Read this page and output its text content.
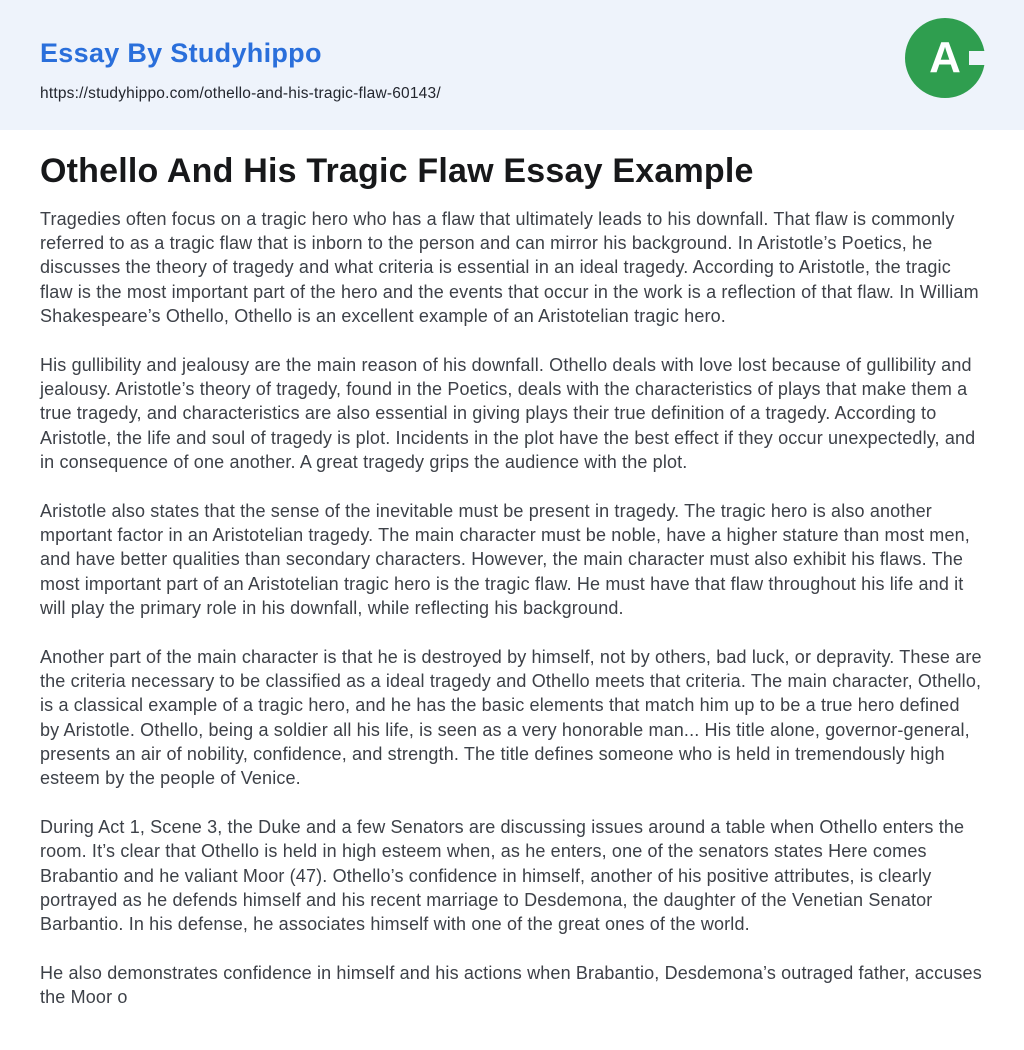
Essay By Studyhippo
https://studyhippo.com/othello-and-his-tragic-flaw-60143/
A
Othello And His Tragic Flaw Essay Example

Tragedies often focus on a tragic hero who has a flaw that ultimately leads to his downfall. That flaw is commonly referred to as a tragic flaw that is inborn to the person and can mirror his background. In Aristotle’s Poetics, he discusses the theory of tragedy and what criteria is essential in an ideal tragedy. According to Aristotle, the tragic flaw is the most important part of the hero and the events that occur in the work is a reflection of that flaw. In William Shakespeare’s Othello, Othello is an excellent example of an Aristotelian tragic hero.

His gullibility and jealousy are the main reason of his downfall. Othello deals with love lost because of gullibility and jealousy. Aristotle’s theory of tragedy, found in the Poetics, deals with the characteristics of plays that make them a true tragedy, and characteristics are also essential in giving plays their true definition of a tragedy. According to Aristotle, the life and soul of tragedy is plot. Incidents in the plot have the best effect if they occur unexpectedly, and in consequence of one another. A great tragedy grips the audience with the plot.

Aristotle also states that the sense of the inevitable must be present in tragedy. The tragic hero is also another mportant factor in an Aristotelian tragedy. The main character must be noble, have a higher stature than most men, and have better qualities than secondary characters. However, the main character must also exhibit his flaws. The most important part of an Aristotelian tragic hero is the tragic flaw. He must have that flaw throughout his life and it will play the primary role in his downfall, while reflecting his background.

Another part of the main character is that he is destroyed by himself, not by others, bad luck, or depravity. These are the criteria necessary to be classified as a ideal tragedy and Othello meets that criteria. The main character, Othello, is a classical example of a tragic hero, and he has the basic elements that match him up to be a true hero defined by Aristotle. Othello, being a soldier all his life, is seen as a very honorable man... His title alone, governor-general, presents an air of nobility, confidence, and strength. The title defines someone who is held in tremendously high esteem by the people of Venice.

During Act 1, Scene 3, the Duke and a few Senators are discussing issues around a table when Othello enters the room. It’s clear that Othello is held in high esteem when, as he enters, one of the senators states Here comes Brabantio and he valiant Moor (47). Othello’s confidence in himself, another of his positive attributes, is clearly portrayed as he defends himself and his recent marriage to Desdemona, the daughter of the Venetian Senator Barbantio. In his defense, he associates himself with one of the great ones of the world.

He also demonstrates confidence in himself and his actions when Brabantio, Desdemona’s outraged father, accuses the Moor o
